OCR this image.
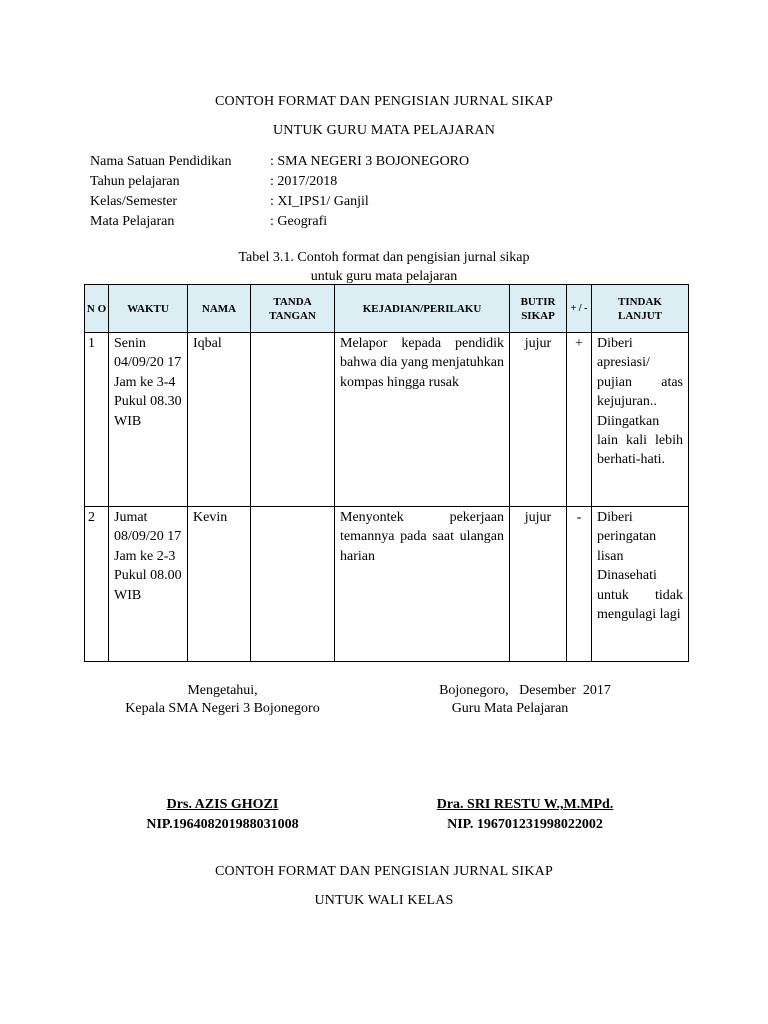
CONTOH FORMAT DAN PENGISIAN JURNAL SIKAP
UNTUK GURU MATA PELAJARAN
Nama Satuan Pendidikan	: SMA NEGERI 3 BOJONEGORO
Tahun pelajaran	: 2017/2018
Kelas/Semester	: XI_IPS1/ Ganjil
Mata Pelajaran	: Geografi
Tabel 3.1. Contoh format dan pengisian jurnal sikap
untuk guru mata pelajaran
N O	WAKTU	NAMA	TANDA TANGAN	KEJADIAN/PERILAKU	BUTIR SIKAP	+ / -	TINDAK LANJUT
1	Senin 04/09/20 17 Jam ke 3-4 Pukul 08.30 WIB	Iqbal		Melapor kepada pendidik bahwa dia yang menjatuhkan kompas hingga rusak	jujur	+	Diberi apresiasi/ pujian atas kejujuran.. Diingatkan lain kali lebih berhati-hati.
2	Jumat 08/09/20 17 Jam ke 2-3 Pukul 08.00 WIB	Kevin		Menyontek pekerjaan temannya pada saat ulangan harian	jujur	-	Diberi peringatan lisan Dinasehati untuk tidak mengulagi lagi
Mengetahui,
Kepala SMA Negeri 3 Bojonegoro
Drs. AZIS GHOZI
NIP.196408201988031008
Bojonegoro,   Desember  2017
Guru Mata Pelajaran
Dra. SRI RESTU W.,M.MPd.
NIP. 196701231998022002
CONTOH FORMAT DAN PENGISIAN JURNAL SIKAP
UNTUK WALI KELAS
